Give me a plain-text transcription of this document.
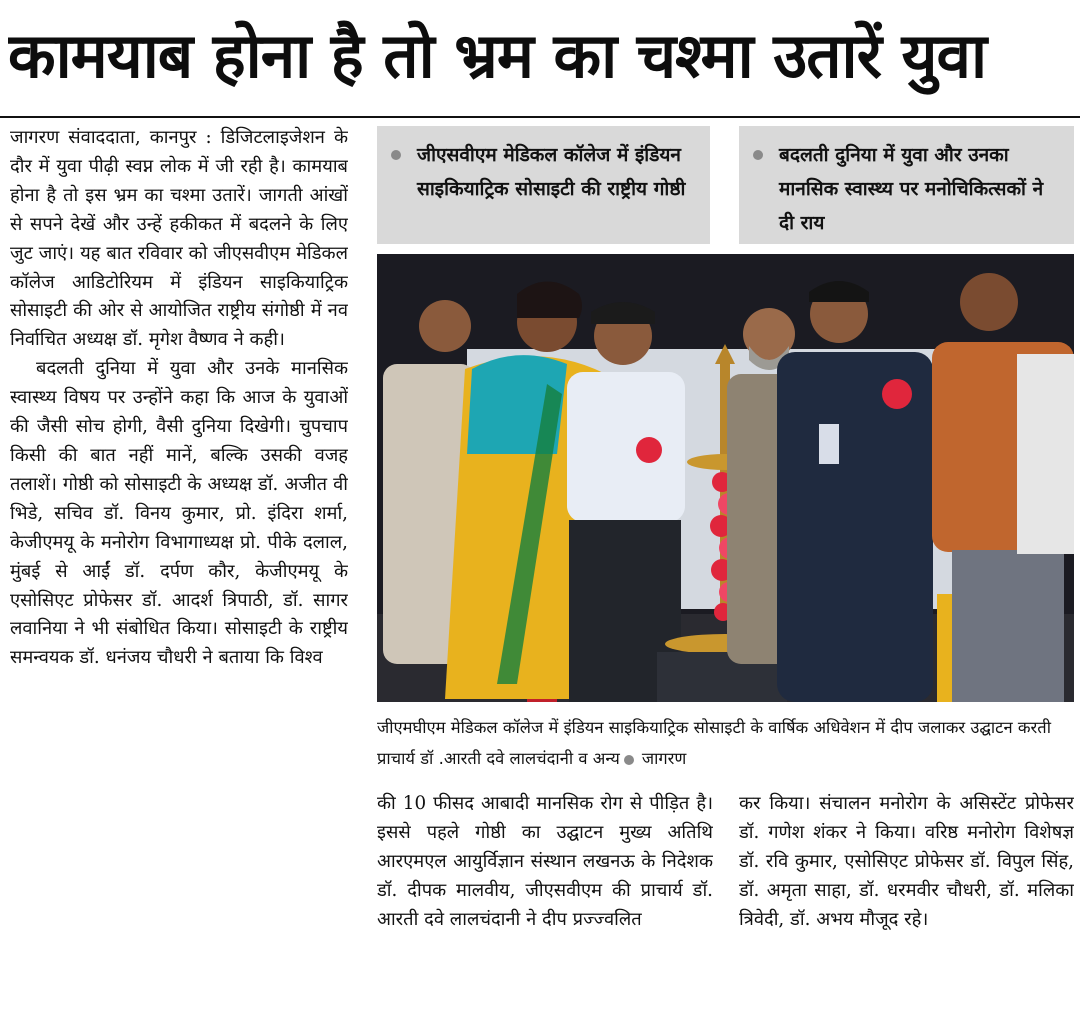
कामयाब होना है तो भ्रम का चश्मा उतारें युवा

जागरण संवाददाता, कानपुर : डिजिटलाइजेशन के दौर में युवा पीढ़ी स्वप्न लोक में जी रही है। कामयाब होना है तो इस भ्रम का चश्मा उतारें। जागती आंखों से सपने देखें और उन्हें हकीकत में बदलने के लिए जुट जाएं। यह बात रविवार को जीएसवीएम मेडिकल कॉलेज आडिटोरियम में इंडियन साइकियाट्रिक सोसाइटी की ओर से आयोजित राष्ट्रीय संगोष्ठी में नव निर्वाचित अध्यक्ष डॉ. मृगेश वैष्णव ने कही।

बदलती दुनिया में युवा और उनके मानसिक स्वास्थ्य विषय पर उन्होंने कहा कि आज के युवाओं की जैसी सोच होगी, वैसी दुनिया दिखेगी। चुपचाप किसी की बात नहीं मानें, बल्कि उसकी वजह तलाशें। गोष्ठी को सोसाइटी के अध्यक्ष डॉ. अजीत वी भिडे, सचिव डॉ. विनय कुमार, प्रो. इंदिरा शर्मा, केजीएमयू के मनोरोग विभागाध्यक्ष प्रो. पीके दलाल, मुंबई से आईं डॉ. दर्पण कौर, केजीएमयू के एसोसिएट प्रोफेसर डॉ. आदर्श त्रिपाठी, डॉ. सागर लवानिया ने भी संबोधित किया। सोसाइटी के राष्ट्रीय समन्वयक डॉ. धनंजय चौधरी ने बताया कि विश्व

जीएसवीएम मेडिकल कॉलेज में इंडियन साइकियाट्रिक सोसाइटी की राष्ट्रीय गोष्ठी
बदलती दुनिया में युवा और उनका मानसिक स्वास्थ्य पर मनोचिकित्सकों ने दी राय
जीएमघीएम मेडिकल कॉलेज में इंडियन साइकियाट्रिक सोसाइटी के वार्षिक अधिवेशन में दीप जलाकर उद्घाटन करती प्राचार्य डॉ .आरती दवे लालचंदानी व अन्य जागरण

की 10 फीसद आबादी मानसिक रोग से पीड़ित है। इससे पहले गोष्ठी का उद्घाटन मुख्य अतिथि आरएमएल आयुर्विज्ञान संस्थान लखनऊ के निदेशक डॉ. दीपक मालवीय, जीएसवीएम की प्राचार्य डॉ. आरती दवे लालचंदानी ने दीप प्रज्ज्वलित

कर किया। संचालन मनोरोग के असिस्टेंट प्रोफेसर डॉ. गणेश शंकर ने किया। वरिष्ठ मनोरोग विशेषज्ञ डॉ. रवि कुमार, एसोसिएट प्रोफेसर डॉ. विपुल सिंह, डॉ. अमृता साहा, डॉ. धरमवीर चौधरी, डॉ. मलिका त्रिवेदी, डॉ. अभय मौजूद रहे।
